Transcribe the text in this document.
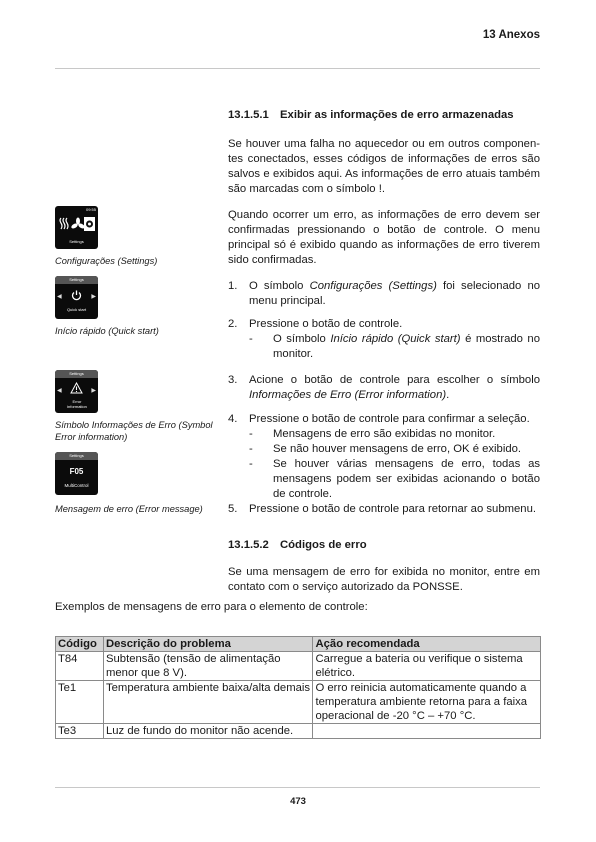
13 Anexos
13.1.5.1 Exibir as informações de erro armazenadas

Se houver uma falha no aquecedor ou em outros componen-tes conectados, esses códigos de informações de erros são salvos e exibidos aqui. As informações de erro atuais também são marcadas com o símbolo !.

Quando ocorrer um erro, as informações de erro devem ser confirmadas pressionando o botão de controle. O menu principal só é exibido quando as informações de erro tiverem sido confirmadas.

1. O símbolo Configurações (Settings) foi selecionado no menu principal.
2. Pressione o botão de controle.
- O símbolo Início rápido (Quick start) é mostrado no monitor.
3. Acione o botão de controle para escolher o símbolo Informações de Erro (Error information).
4. Pressione o botão de controle para confirmar a seleção.
- Mensagens de erro são exibidas no monitor.
- Se não houver mensagens de erro, OK é exibido.
- Se houver várias mensagens de erro, todas as mensagens podem ser exibidas acionando o botão de controle.
5. Pressione o botão de controle para retornar ao submenu.
13.1.5.2 Códigos de erro

Se uma mensagem de erro for exibida no monitor, entre em contato com o serviço autorizado da PONSSE.

Exemplos de mensagens de erro para o elemento de controle:
09:55
Settings
Configurações (Settings)
Settings
◀	▶
Quick start
Início rápido (Quick start)
Settings
◀	▶
Error information
Símbolo Informações de Erro (Symbol Error information)
Settings
F05
MultiControl
Mensagem de erro (Error message)
Código	Descrição do problema	Ação recomendada
T84	Subtensão (tensão de alimentação menor que 8 V).	Carregue a bateria ou verifique o sistema elétrico.
Te1	Temperatura ambiente baixa/alta demais	O erro reinicia automaticamente quando a temperatura ambiente retorna para a faixa operacional de -20 °C – +70 °C.
Te3	Luz de fundo do monitor não acende.	
473
